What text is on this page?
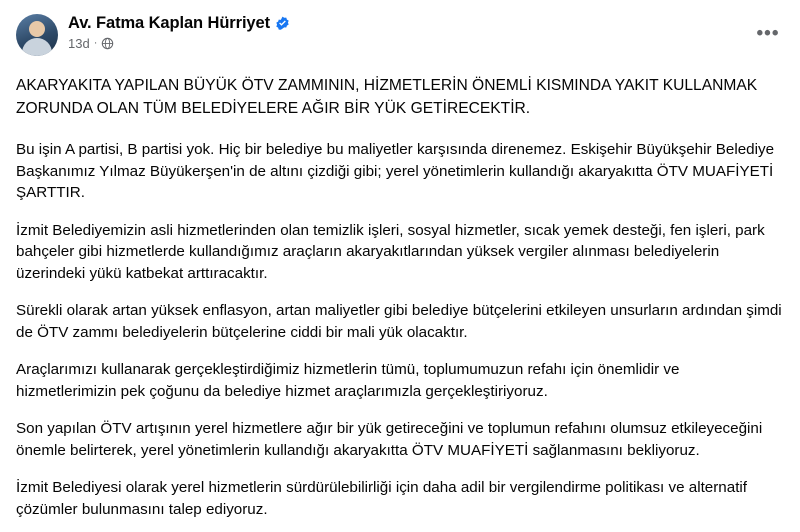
Av. Fatma Kaplan Hürriyet
13d ·	•••

AKARYAKITA YAPILAN BÜYÜK ÖTV ZAMMININ, HİZMETLERİN ÖNEMLİ KISMINDA YAKIT KULLANMAK ZORUNDA OLAN TÜM BELEDİYELERE AĞIR BİR YÜK GETİRECEKTİR.

Bu işin A partisi, B partisi yok. Hiç bir belediye bu maliyetler karşısında direnemez. Eskişehir Büyükşehir Belediye Başkanımız Yılmaz Büyükerşen'in de altını çizdiği gibi; yerel yönetimlerin kullandığı akaryakıtta ÖTV MUAFİYETİ ŞARTTIR.

İzmit Belediyemizin asli hizmetlerinden olan temizlik işleri, sosyal hizmetler, sıcak yemek desteği, fen işleri, park bahçeler gibi hizmetlerde kullandığımız araçların akaryakıtlarından yüksek vergiler alınması belediyelerin üzerindeki yükü katbekat arttıracaktır.

Sürekli olarak artan yüksek enflasyon, artan maliyetler gibi belediye bütçelerini etkileyen unsurların ardından şimdi de ÖTV zammı belediyelerin bütçelerine ciddi bir mali yük olacaktır.

Araçlarımızı kullanarak gerçekleştirdiğimiz hizmetlerin tümü, toplumumuzun refahı için önemlidir ve hizmetlerimizin pek çoğunu da belediye hizmet araçlarımızla gerçekleştiriyoruz.

Son yapılan ÖTV artışının yerel hizmetlere ağır bir yük getireceğini ve toplumun refahını olumsuz etkileyeceğini önemle belirterek, yerel yönetimlerin kullandığı akaryakıtta ÖTV MUAFİYETİ sağlanmasını bekliyoruz.

İzmit Belediyesi olarak yerel hizmetlerin sürdürülebilirliği için daha adil bir vergilendirme politikası ve alternatif çözümler bulunmasını talep ediyoruz.
